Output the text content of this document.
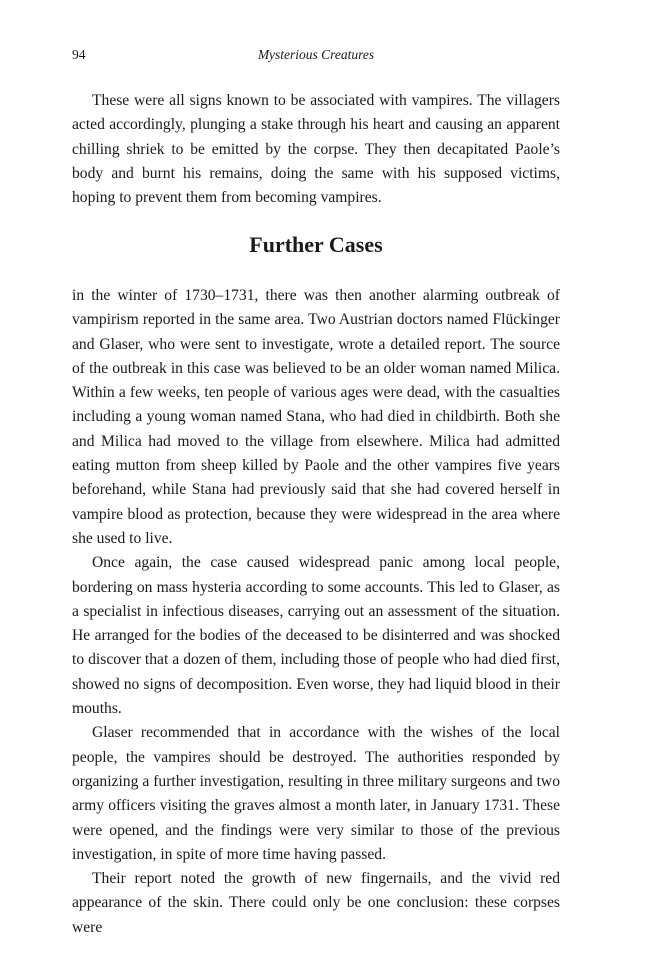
94	Mysterious Creatures

These were all signs known to be associated with vampires. The villagers acted accordingly, plunging a stake through his heart and causing an apparent chilling shriek to be emitted by the corpse. They then decapitated Paole’s body and burnt his remains, doing the same with his supposed victims, hoping to prevent them from becoming vampires.

Further Cases

in the winter of 1730–1731, there was then another alarming outbreak of vampirism reported in the same area. Two Austrian doctors named Flückinger and Glaser, who were sent to investigate, wrote a detailed report. The source of the outbreak in this case was believed to be an older woman named Milica. Within a few weeks, ten people of various ages were dead, with the casualties including a young woman named Stana, who had died in childbirth. Both she and Milica had moved to the village from elsewhere. Milica had admitted eating mutton from sheep killed by Paole and the other vampires five years beforehand, while Stana had previously said that she had covered herself in vampire blood as protection, because they were widespread in the area where she used to live.

Once again, the case caused widespread panic among local people, bordering on mass hysteria according to some accounts. This led to Glaser, as a specialist in infectious diseases, carrying out an assessment of the situation. He arranged for the bodies of the deceased to be disinterred and was shocked to discover that a dozen of them, including those of people who had died first, showed no signs of decomposition. Even worse, they had liquid blood in their mouths.

Glaser recommended that in accordance with the wishes of the local people, the vampires should be destroyed. The authorities responded by organizing a further investigation, resulting in three military surgeons and two army officers visiting the graves almost a month later, in January 1731. These were opened, and the findings were very similar to those of the previous investigation, in spite of more time having passed.

Their report noted the growth of new fingernails, and the vivid red appearance of the skin. There could only be one conclusion: these corpses were
